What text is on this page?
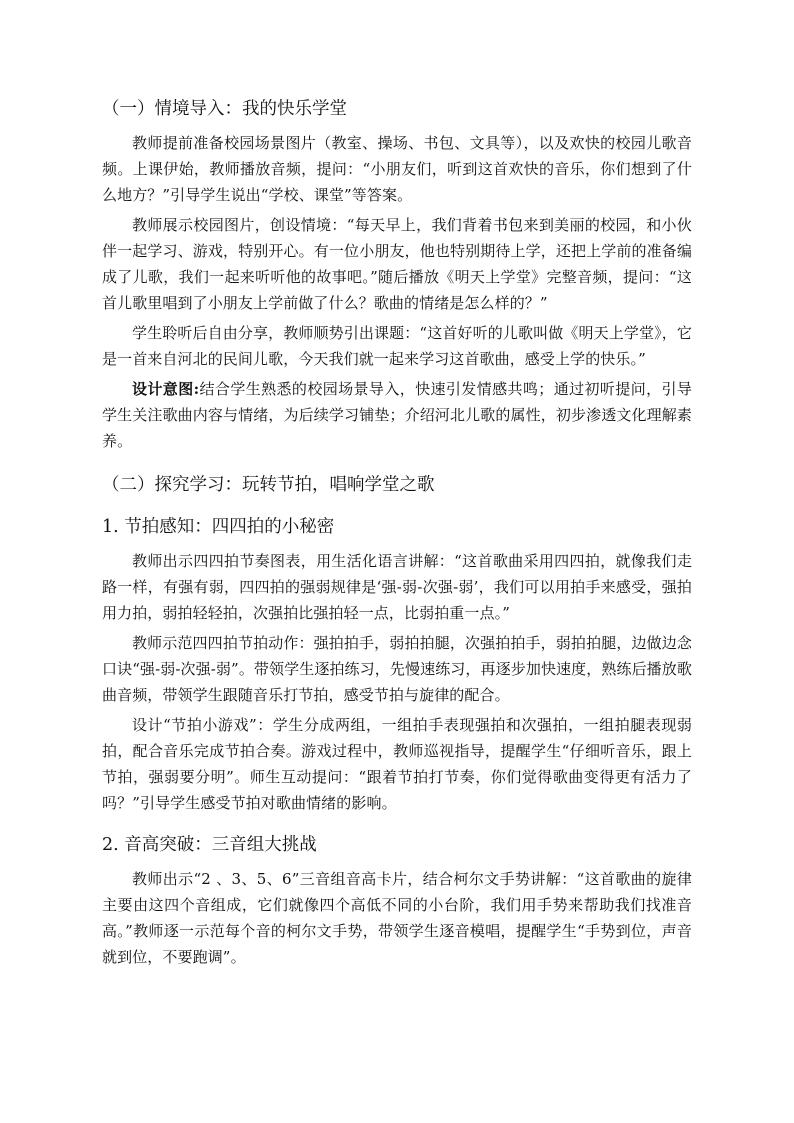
（一）情境导入：我的快乐学堂

教师提前准备校园场景图片（教室、操场、书包、文具等），以及欢快的校园儿歌音频。上课伊始，教师播放音频，提问：“小朋友们，听到这首欢快的音乐，你们想到了什么地方？”引导学生说出“学校、课堂”等答案。

教师展示校园图片，创设情境：“每天早上，我们背着书包来到美丽的校园，和小伙伴一起学习、游戏，特别开心。有一位小朋友，他也特别期待上学，还把上学前的准备编成了儿歌，我们一起来听听他的故事吧。”随后播放《明天上学堂》完整音频，提问：“这首儿歌里唱到了小朋友上学前做了什么？歌曲的情绪是怎么样的？”

学生聆听后自由分享，教师顺势引出课题：“这首好听的儿歌叫做《明天上学堂》，它是一首来自河北的民间儿歌，今天我们就一起来学习这首歌曲，感受上学的快乐。”

设计意图:结合学生熟悉的校园场景导入，快速引发情感共鸣；通过初听提问，引导学生关注歌曲内容与情绪，为后续学习铺垫；介绍河北儿歌的属性，初步渗透文化理解素养。

（二）探究学习：玩转节拍，唱响学堂之歌
1. 节拍感知：四四拍的小秘密

教师出示四四拍节奏图表，用生活化语言讲解：“这首歌曲采用四四拍，就像我们走路一样，有强有弱，四四拍的强弱规律是‘强-弱-次强-弱’，我们可以用拍手来感受，强拍用力拍，弱拍轻轻拍，次强拍比强拍轻一点，比弱拍重一点。”

教师示范四四拍节拍动作：强拍拍手，弱拍拍腿，次强拍拍手，弱拍拍腿，边做边念口诀“强-弱-次强-弱”。带领学生逐拍练习，先慢速练习，再逐步加快速度，熟练后播放歌曲音频，带领学生跟随音乐打节拍，感受节拍与旋律的配合。

设计“节拍小游戏”：学生分成两组，一组拍手表现强拍和次强拍，一组拍腿表现弱拍，配合音乐完成节拍合奏。游戏过程中，教师巡视指导，提醒学生“仔细听音乐，跟上节拍，强弱要分明”。师生互动提问：“跟着节拍打节奏，你们觉得歌曲变得更有活力了吗？”引导学生感受节拍对歌曲情绪的影响。

2. 音高突破：三音组大挑战

教师出示“2 、3、5、6”三音组音高卡片，结合柯尔文手势讲解：“这首歌曲的旋律主要由这四个音组成，它们就像四个高低不同的小台阶，我们用手势来帮助我们找准音高。”教师逐一示范每个音的柯尔文手势，带领学生逐音模唱，提醒学生“手势到位，声音就到位，不要跑调”。
